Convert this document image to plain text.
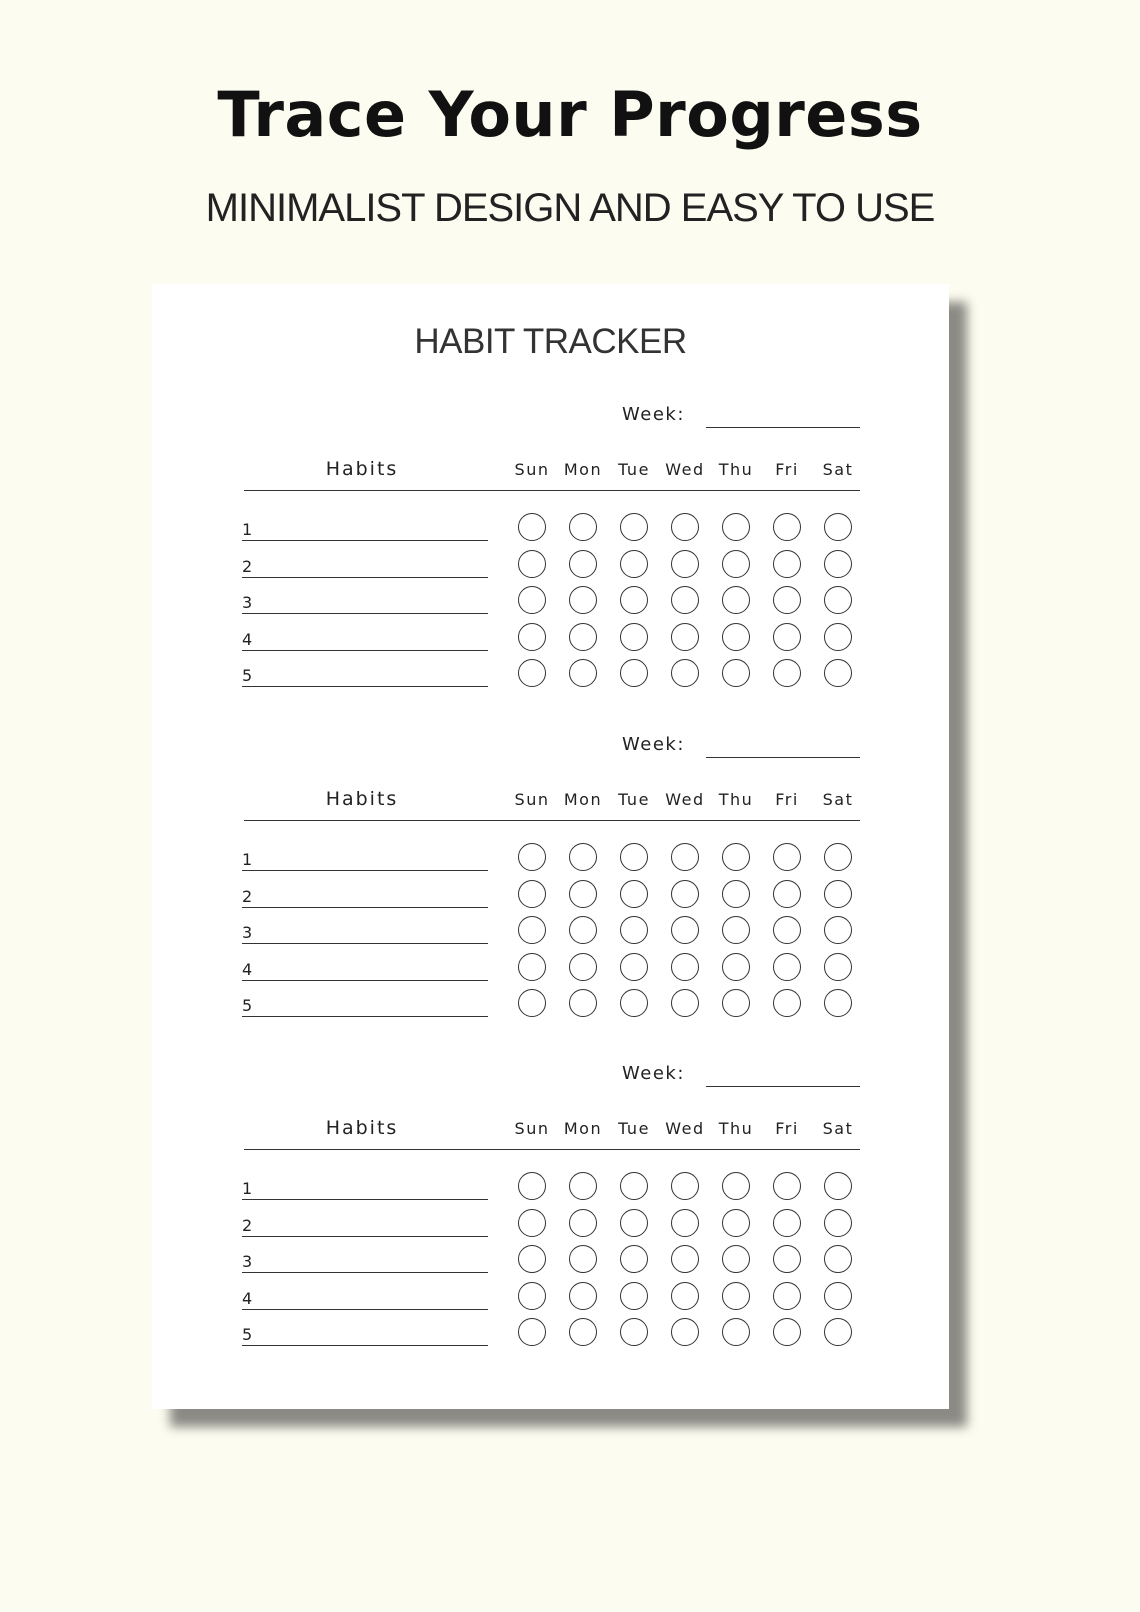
Trace Your Progress
MINIMALIST DESIGN AND EASY TO USE
HABIT TRACKER
Week:
Habits	Sun Mon Tue Wed Thu	Fri	Sat
1
2
3
4
5
Week:
Habits	Sun Mon Tue Wed Thu	Fri	Sat
1
2
3
4
5
Week:
Habits	Sun Mon Tue Wed Thu	Fri	Sat
1
2
3
4
5
